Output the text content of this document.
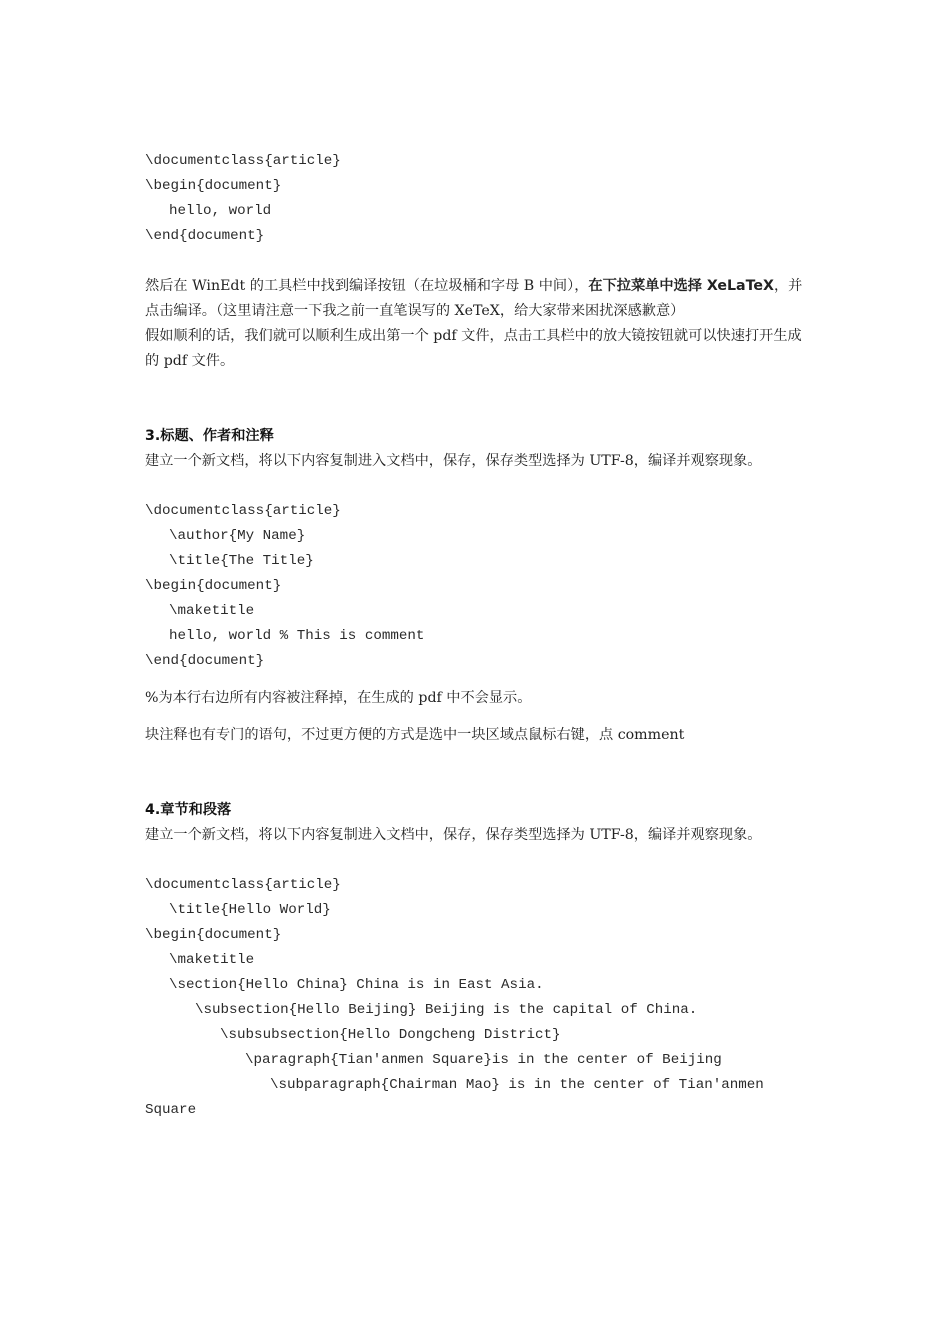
\documentclass{article}
\begin{document}
hello, world
\end{document}

然后在 WinEdt 的工具栏中找到编译按钮（在垃圾桶和字母 B 中间），在下拉菜单中选择 XeLaTeX，并点击编译。（这里请注意一下我之前一直笔误写的 XeTeX，给大家带来困扰深感歉意）

假如顺利的话，我们就可以顺利生成出第一个 pdf 文件，点击工具栏中的放大镜按钮就可以快速打开生成的 pdf 文件。

3.标题、作者和注释

建立一个新文档，将以下内容复制进入文档中，保存，保存类型选择为 UTF-8，编译并观察现象。

\documentclass{article}
\author{My Name}
\title{The Title}
\begin{document}
\maketitle
hello, world % This is comment
\end{document}

%为本行右边所有内容被注释掉，在生成的 pdf 中不会显示。

块注释也有专门的语句，不过更方便的方式是选中一块区域点鼠标右键，点 comment

4.章节和段落

建立一个新文档，将以下内容复制进入文档中，保存，保存类型选择为 UTF-8，编译并观察现象。

\documentclass{article}
\title{Hello World}
\begin{document}
\maketitle
\section{Hello China} China is in East Asia.
\subsection{Hello Beijing} Beijing is the capital of China.
\subsubsection{Hello Dongcheng District}
\paragraph{Tian'anmen Square}is in the center of Beijing
\subparagraph{Chairman Mao} is in the center of Tian'anmen
Square
